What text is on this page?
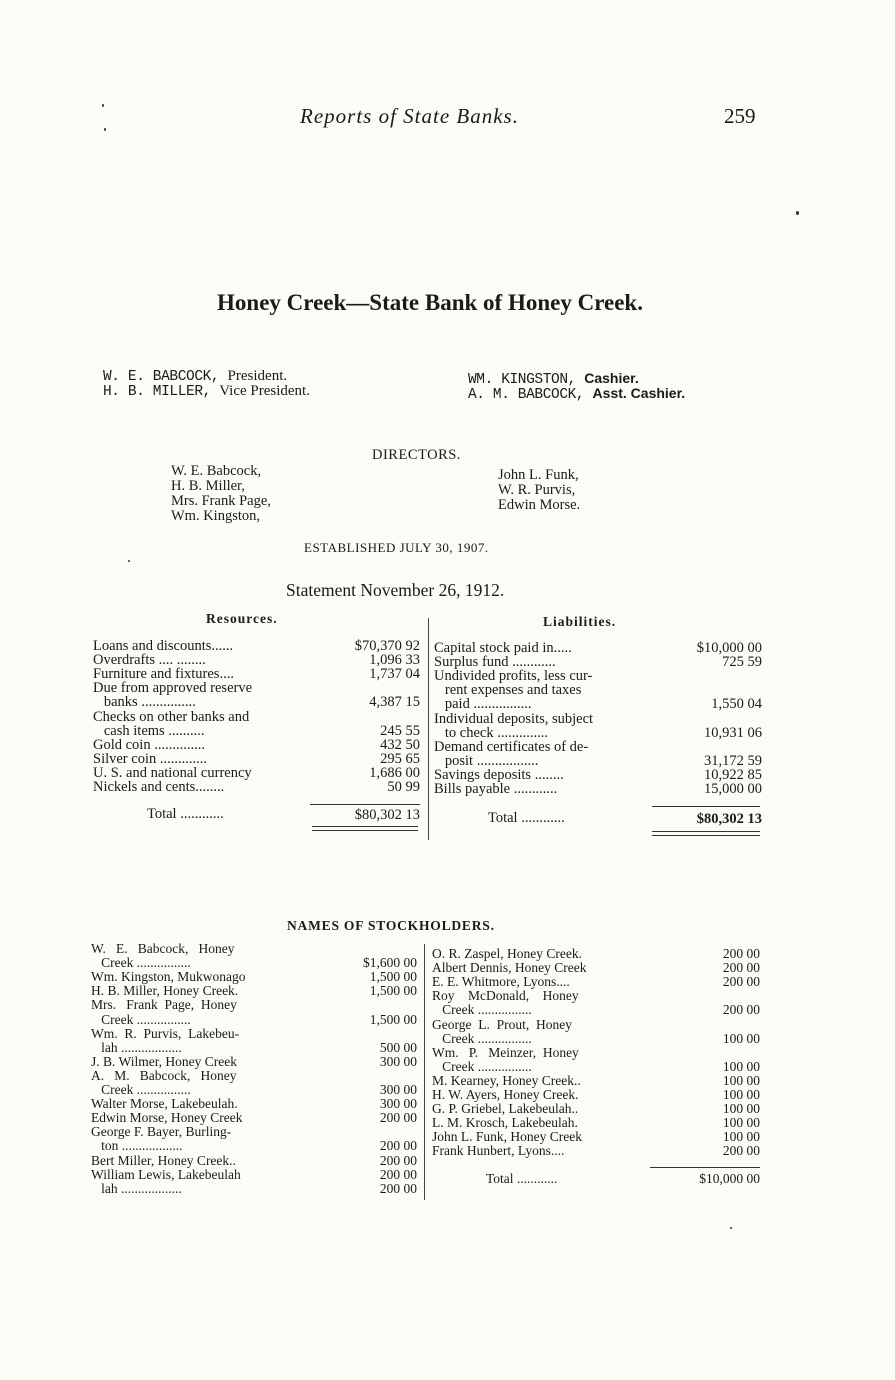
Reports of State Banks.	259
Honey Creek—State Bank of Honey Creek.
W. E. BABCOCK, President.
H. B. MILLER, Vice President.
WM. KINGSTON, Cashier.
A. M. BABCOCK, Asst. Cashier.
DIRECTORS.
W. E. Babcock,
H. B. Miller,
Mrs. Frank Page,
Wm. Kingston,
John L. Funk,
W. R. Purvis,
Edwin Morse.
ESTABLISHED JULY 30, 1907.
Statement November 26, 1912.
Resources.	Liabilities.
Loans and discounts......	$70,370 92
Overdrafts .... ........	1,096 33
Furniture and fixtures....	1,737 04
Due from approved reserve
banks ...............	4,387 15
Checks on other banks and
cash items ..........	245 55
Gold coin ..............	432 50
Silver coin .............	295 65
U. S. and national currency	1,686 00
Nickels and cents........	50 99
Total ............	$80,302 13
Capital stock paid in.....	$10,000 00
Surplus fund ............	725 59
Undivided profits, less cur-
rent expenses and taxes
paid ................	1,550 04
Individual deposits, subject
to check ..............	10,931 06
Demand certificates of de-
posit .................	31,172 59
Savings deposits ........	10,922 85
Bills payable ............	15,000 00
Total ............	$80,302 13
NAMES OF STOCKHOLDERS.
W.   E.   Babcock,   Honey
Creek ................	$1,600 00
Wm. Kingston, Mukwonago	1,500 00
H. B. Miller, Honey Creek.	1,500 00
Mrs.   Frank  Page,  Honey
Creek ................	1,500 00
Wm.  R.  Purvis,  Lakebeu-
lah ..................	500 00
J. B. Wilmer, Honey Creek	300 00
A.   M.   Babcock,   Honey
Creek ................	300 00
Walter Morse, Lakebeulah.	300 00
Edwin Morse, Honey Creek	200 00
George F. Bayer, Burling-
ton ..................	200 00
Bert Miller, Honey Creek..	200 00
William Lewis, Lakebeulah	200 00
lah ..................	200 00
O. R. Zaspel, Honey Creek.	200 00
Albert Dennis, Honey Creek	200 00
E. E. Whitmore, Lyons....	200 00
Roy    McDonald,    Honey
Creek ................	200 00
George  L.  Prout,  Honey
Creek ................	100 00
Wm.   P.   Meinzer,  Honey
Creek ................	100 00
M. Kearney, Honey Creek..	100 00
H. W. Ayers, Honey Creek.	100 00
G. P. Griebel, Lakebeulah..	100 00
L. M. Krosch, Lakebeulah.	100 00
John L. Funk, Honey Creek	100 00
Frank Hunbert, Lyons....	200 00
Total ............	$10,000 00
